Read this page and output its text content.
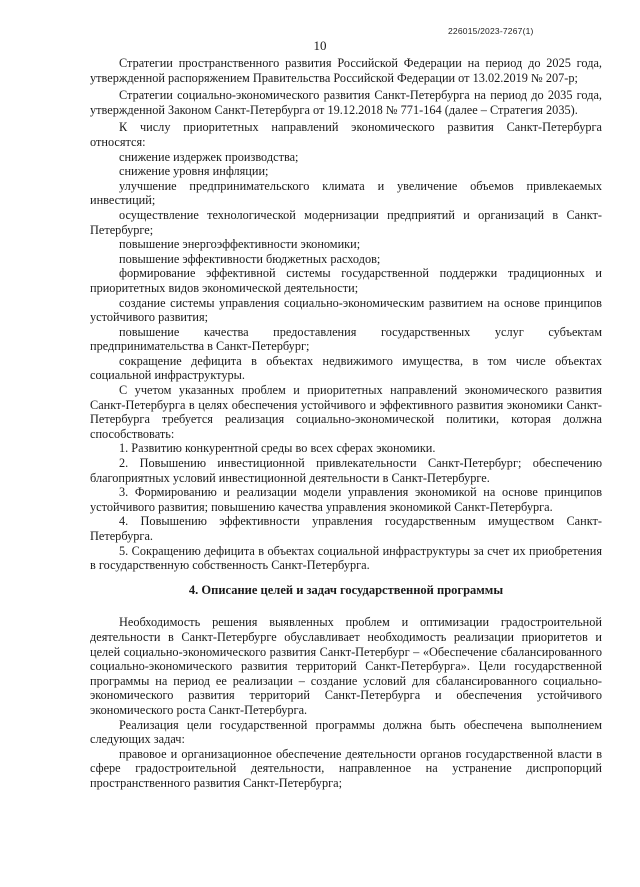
226015/2023-7267(1)
10

Стратегии пространственного развития Российской Федерации на период до 2025 года, утвержденной распоряжением Правительства Российской Федерации от 13.02.2019 № 207-р;

Стратегии социально-экономического развития Санкт-Петербурга на период до 2035 года, утвержденной Законом Санкт-Петербурга от 19.12.2018 № 771-164 (далее – Стратегия 2035).

К числу приоритетных направлений экономического развития Санкт-Петербурга относятся:

снижение издержек производства;

снижение уровня инфляции;

улучшение предпринимательского климата и увеличение объемов привлекаемых инвестиций;

осуществление технологической модернизации предприятий и организаций в Санкт-Петербурге;

повышение энергоэффективности экономики;

повышение эффективности бюджетных расходов;

формирование эффективной системы государственной поддержки традиционных и приоритетных видов экономической деятельности;

создание системы управления социально-экономическим развитием на основе принципов устойчивого развития;

повышение качества предоставления государственных услуг субъектам предпринимательства в Санкт-Петербург;

сокращение дефицита в объектах недвижимого имущества, в том числе объектах социальной инфраструктуры.

С учетом указанных проблем и приоритетных направлений экономического развития Санкт-Петербурга в целях обеспечения устойчивого и эффективного развития экономики Санкт-Петербурга требуется реализация социально-экономической политики, которая должна способствовать:

1. Развитию конкурентной среды во всех сферах экономики.

2. Повышению инвестиционной привлекательности Санкт-Петербург; обеспечению благоприятных условий инвестиционной деятельности в Санкт-Петербурге.

3. Формированию и реализации модели управления экономикой на основе принципов устойчивого развития; повышению качества управления экономикой Санкт-Петербурга.

4. Повышению эффективности управления государственным имуществом Санкт-Петербурга.

5. Сокращению дефицита в объектах социальной инфраструктуры за счет их приобретения в государственную собственность Санкт-Петербурга.

4. Описание целей и задач государственной программы

Необходимость решения выявленных проблем и оптимизации градостроительной деятельности в Санкт-Петербурге обуславливает необходимость реализации приоритетов и целей социально-экономического развития Санкт-Петербург – «Обеспечение сбалансированного социально-экономического развития территорий Санкт-Петербурга». Цели государственной программы на период ее реализации – создание условий для сбалансированного социально-экономического развития территорий Санкт-Петербурга и обеспечения устойчивого экономического роста Санкт-Петербурга.

Реализация цели государственной программы должна быть обеспечена выполнением следующих задач:

правовое и организационное обеспечение деятельности органов государственной власти в сфере градостроительной деятельности, направленное на устранение диспропорций пространственного развития Санкт-Петербурга;
